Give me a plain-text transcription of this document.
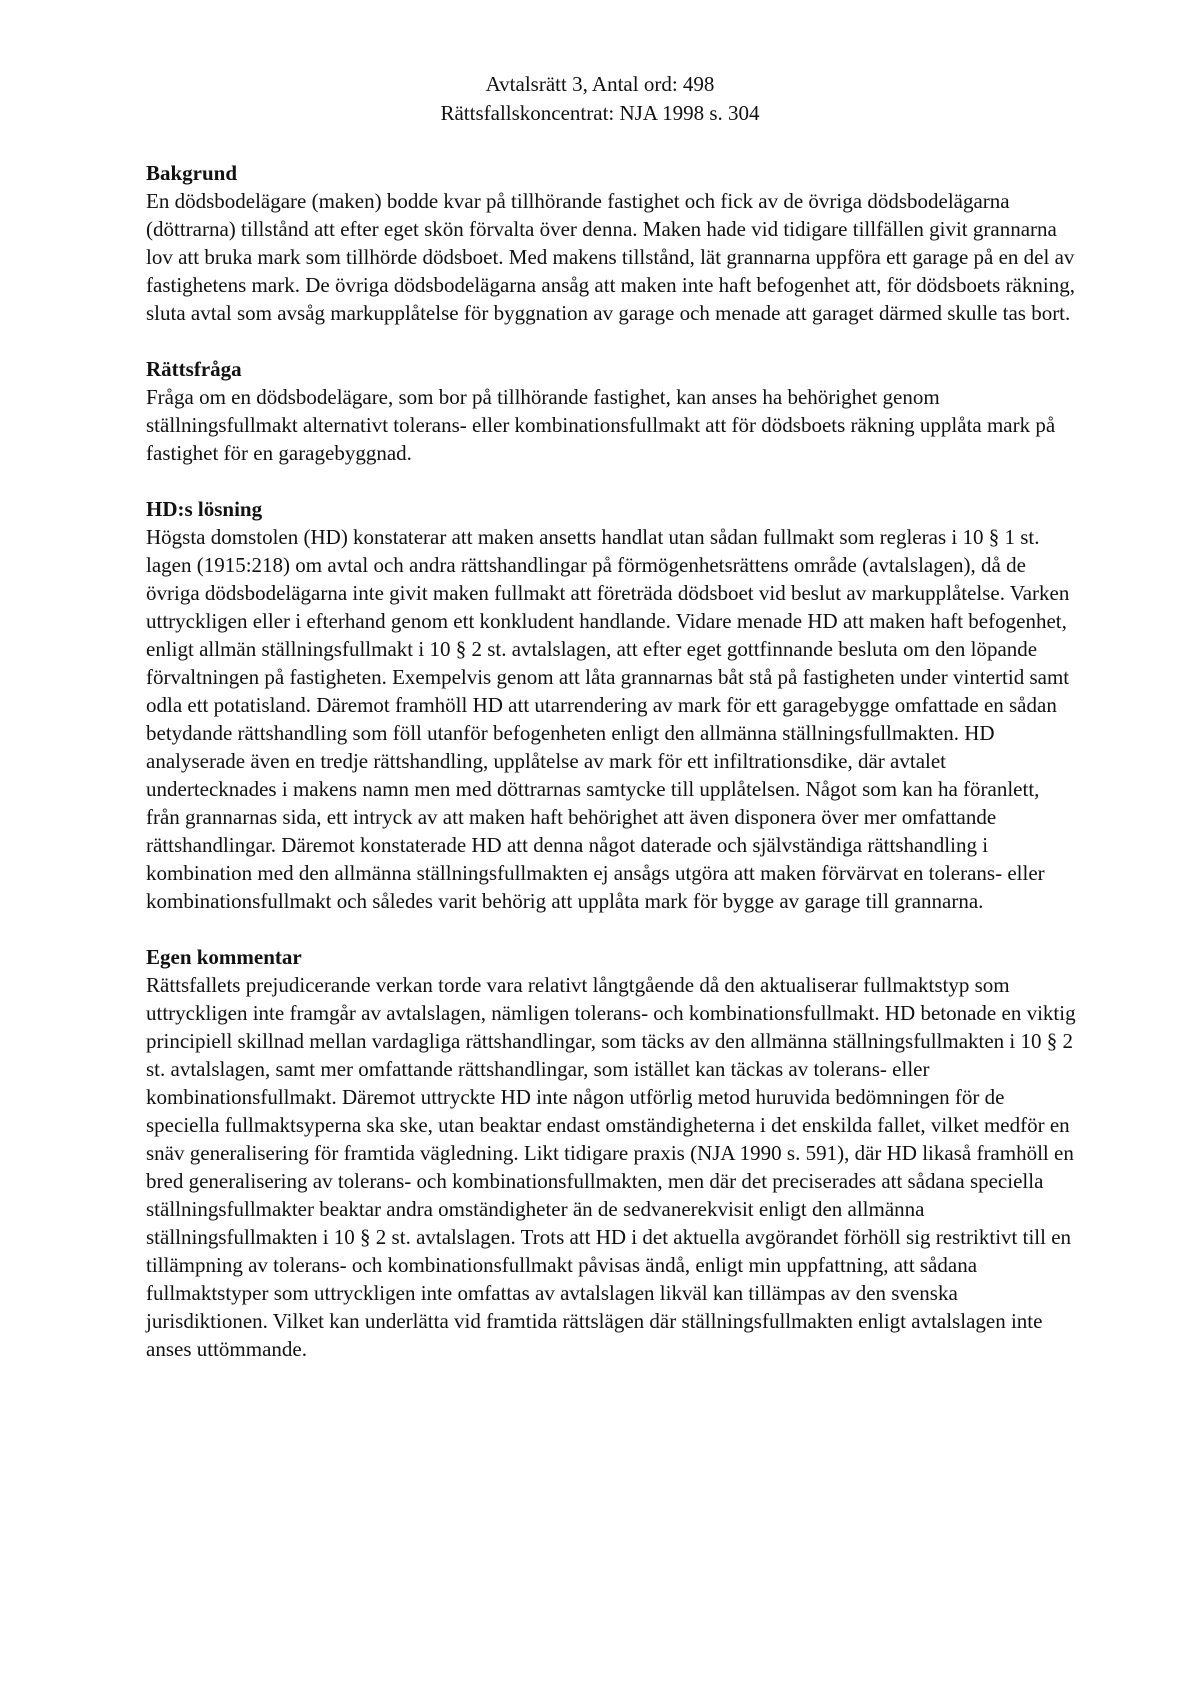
Avtalsrätt 3, Antal ord: 498
Rättsfallskoncentrat: NJA 1998 s. 304
Bakgrund

En dödsbodelägare (maken) bodde kvar på tillhörande fastighet och fick av de övriga dödsbodelägarna (döttrarna) tillstånd att efter eget skön förvalta över denna. Maken hade vid tidigare tillfällen givit grannarna lov att bruka mark som tillhörde dödsboet. Med makens tillstånd, lät grannarna uppföra ett garage på en del av fastighetens mark. De övriga dödsbodelägarna ansåg att maken inte haft befogenhet att, för dödsboets räkning, sluta avtal som avsåg markupplåtelse för byggnation av garage och menade att garaget därmed skulle tas bort.

Rättsfråga

Fråga om en dödsbodelägare, som bor på tillhörande fastighet, kan anses ha behörighet genom ställningsfullmakt alternativt tolerans- eller kombinationsfullmakt att för dödsboets räkning upplåta mark på fastighet för en garagebyggnad.

HD:s lösning

Högsta domstolen (HD) konstaterar att maken ansetts handlat utan sådan fullmakt som regleras i 10 § 1 st. lagen (1915:218) om avtal och andra rättshandlingar på förmögenhetsrättens område (avtalslagen), då de övriga dödsbodelägarna inte givit maken fullmakt att företräda dödsboet vid beslut av markupplåtelse. Varken uttryckligen eller i efterhand genom ett konkludent handlande. Vidare menade HD att maken haft befogenhet, enligt allmän ställningsfullmakt i 10 § 2 st. avtalslagen, att efter eget gottfinnande besluta om den löpande förvaltningen på fastigheten. Exempelvis genom att låta grannarnas båt stå på fastigheten under vintertid samt odla ett potatisland. Däremot framhöll HD att utarrendering av mark för ett garagebygge omfattade en sådan betydande rättshandling som föll utanför befogenheten enligt den allmänna ställningsfullmakten. HD analyserade även en tredje rättshandling, upplåtelse av mark för ett infiltrationsdike, där avtalet undertecknades i makens namn men med döttrarnas samtycke till upplåtelsen. Något som kan ha föranlett, från grannarnas sida, ett intryck av att maken haft behörighet att även disponera över mer omfattande rättshandlingar. Däremot konstaterade HD att denna något daterade och självständiga rättshandling i kombination med den allmänna ställningsfullmakten ej ansågs utgöra att maken förvärvat en tolerans- eller kombinationsfullmakt och således varit behörig att upplåta mark för bygge av garage till grannarna.

Egen kommentar

Rättsfallets prejudicerande verkan torde vara relativt långtgående då den aktualiserar fullmaktstyp som uttryckligen inte framgår av avtalslagen, nämligen tolerans- och kombinationsfullmakt. HD betonade en viktig principiell skillnad mellan vardagliga rättshandlingar, som täcks av den allmänna ställningsfullmakten i 10 § 2 st. avtalslagen, samt mer omfattande rättshandlingar, som istället kan täckas av tolerans- eller kombinationsfullmakt. Däremot uttryckte HD inte någon utförlig metod huruvida bedömningen för de speciella fullmaktsyperna ska ske, utan beaktar endast omständigheterna i det enskilda fallet, vilket medför en snäv generalisering för framtida vägledning. Likt tidigare praxis (NJA 1990 s. 591), där HD likaså framhöll en bred generalisering av tolerans- och kombinationsfullmakten, men där det preciserades att sådana speciella ställningsfullmakter beaktar andra omständigheter än de sedvanerekvisit enligt den allmänna ställningsfullmakten i 10 § 2 st. avtalslagen. Trots att HD i det aktuella avgörandet förhöll sig restriktivt till en tillämpning av tolerans- och kombinationsfullmakt påvisas ändå, enligt min uppfattning, att sådana fullmaktstyper som uttryckligen inte omfattas av avtalslagen likväl kan tillämpas av den svenska jurisdiktionen. Vilket kan underlätta vid framtida rättslägen där ställningsfullmakten enligt avtalslagen inte anses uttömmande.
